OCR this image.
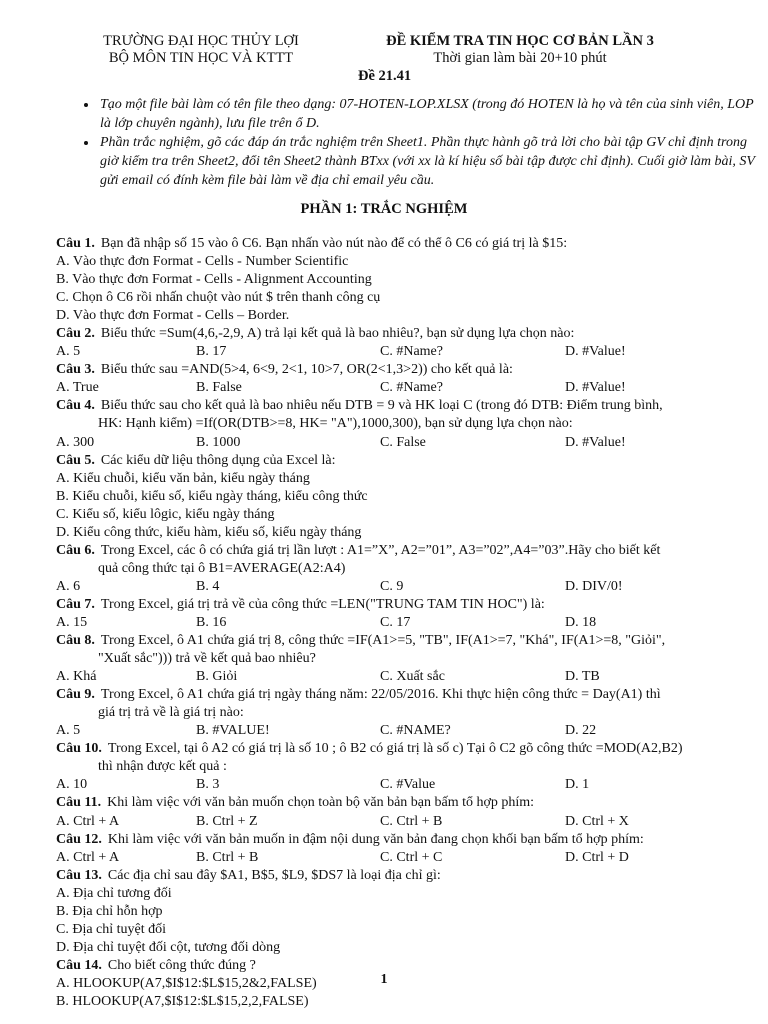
TRƯỜNG ĐẠI HỌC THỦY LỢI
BỘ MÔN TIN HỌC VÀ KTTT
ĐỀ KIỂM TRA TIN HỌC CƠ BẢN LẦN 3
Thời gian làm bài 20+10 phút
Đề 21.41
• Tạo một file bài làm có tên file theo dạng: 07-HOTEN-LOP.XLSX (trong đó HOTEN là họ và tên của sinh viên, LOP là lớp chuyên ngành), lưu file trên ổ D.
• Phần trắc nghiệm, gõ các đáp án trắc nghiệm trên Sheet1. Phần thực hành gõ trả lời cho bài tập GV chỉ định trong giờ kiểm tra trên Sheet2, đổi tên Sheet2 thành BTxx (với xx là kí hiệu số bài tập được chỉ định). Cuối giờ làm bài, SV gửi email có đính kèm file bài làm về địa chỉ email yêu cầu.
PHẦN 1: TRẮC NGHIỆM
Câu 1. Bạn đã nhập số 15 vào ô C6. Bạn nhấn vào nút nào để có thể ô C6 có giá trị là $15:
A. Vào thực đơn Format - Cells - Number Scientific
B. Vào thực đơn Format - Cells - Alignment Accounting
C. Chọn ô C6 rồi nhấn chuột vào nút $ trên thanh công cụ
D. Vào thực đơn Format - Cells – Border.
Câu 2. Biểu thức =Sum(4,6,-2,9, A) trả lại kết quả là bao nhiêu?, bạn sử dụng lựa chọn nào:
A. 5	B. 17	C. #Name?	D. #Value!
Câu 3. Biểu thức sau =AND(5>4, 6<9, 2<1, 10>7, OR(2<1,3>2)) cho kết quả là:
A. True	B. False	C. #Name?	D. #Value!
Câu 4. Biểu thức sau cho kết quả là bao nhiêu nếu DTB = 9 và HK loại C (trong đó DTB: Điểm trung bình,
HK: Hạnh kiểm) =If(OR(DTB>=8, HK= "A"),1000,300), bạn sử dụng lựa chọn nào:
A. 300	B. 1000	C. False	D. #Value!
Câu 5. Các kiểu dữ liệu thông dụng của Excel là:
A. Kiểu chuỗi, kiểu văn bản, kiểu ngày tháng
B. Kiểu chuỗi, kiểu số, kiểu ngày tháng, kiểu công thức
C. Kiểu số, kiểu lôgic, kiểu ngày tháng
D. Kiểu công thức, kiểu hàm, kiểu số, kiểu ngày tháng
Câu 6. Trong Excel, các ô có chứa giá trị lần lượt : A1=”X”, A2=”01”, A3=”02”,A4=”03”.Hãy cho biết kết
quả công thức tại ô B1=AVERAGE(A2:A4)
A. 6	B. 4	C. 9	D. DIV/0!
Câu 7. Trong Excel, giá trị trả về của công thức =LEN("TRUNG TAM TIN HOC") là:
A. 15	B. 16	C. 17	D. 18
Câu 8. Trong Excel, ô A1 chứa giá trị 8, công thức =IF(A1>=5, "TB", IF(A1>=7, "Khá", IF(A1>=8, "Giỏi",
"Xuất sắc"))) trả về kết quả bao nhiêu?
A. Khá	B. Giỏi	C. Xuất sắc	D. TB
Câu 9. Trong Excel, ô A1 chứa giá trị ngày tháng năm: 22/05/2016. Khi thực hiện công thức = Day(A1) thì
giá trị trả về là giá trị nào:
A. 5	B. #VALUE!	C. #NAME?	D. 22
Câu 10. Trong Excel, tại ô A2 có giá trị là số 10 ; ô B2 có giá trị là số c) Tại ô C2 gõ công thức =MOD(A2,B2)
thì nhận được kết quả :
A. 10	B. 3	C. #Value	D. 1
Câu 11. Khi làm việc với văn bản muốn chọn toàn bộ văn bản bạn bấm tổ hợp phím:
A. Ctrl + A	B. Ctrl + Z	C. Ctrl + B	D. Ctrl + X
Câu 12. Khi làm việc với văn bản muốn in đậm nội dung văn bản đang chọn khối bạn bấm tổ hợp phím:
A. Ctrl + A	B. Ctrl + B	C. Ctrl + C	D. Ctrl + D
Câu 13. Các địa chỉ sau đây $A1, B$5, $L9, $DS7 là loại địa chỉ gì:
A. Địa chỉ tương đối
B. Địa chỉ hỗn hợp
C. Địa chỉ tuyệt đối
D. Địa chỉ tuyệt đối cột, tương đối dòng
Câu 14. Cho biết công thức đúng ?
A. HLOOKUP(A7,$I$12:$L$15,2&2,FALSE)
B. HLOOKUP(A7,$I$12:$L$15,2,2,FALSE)
1
